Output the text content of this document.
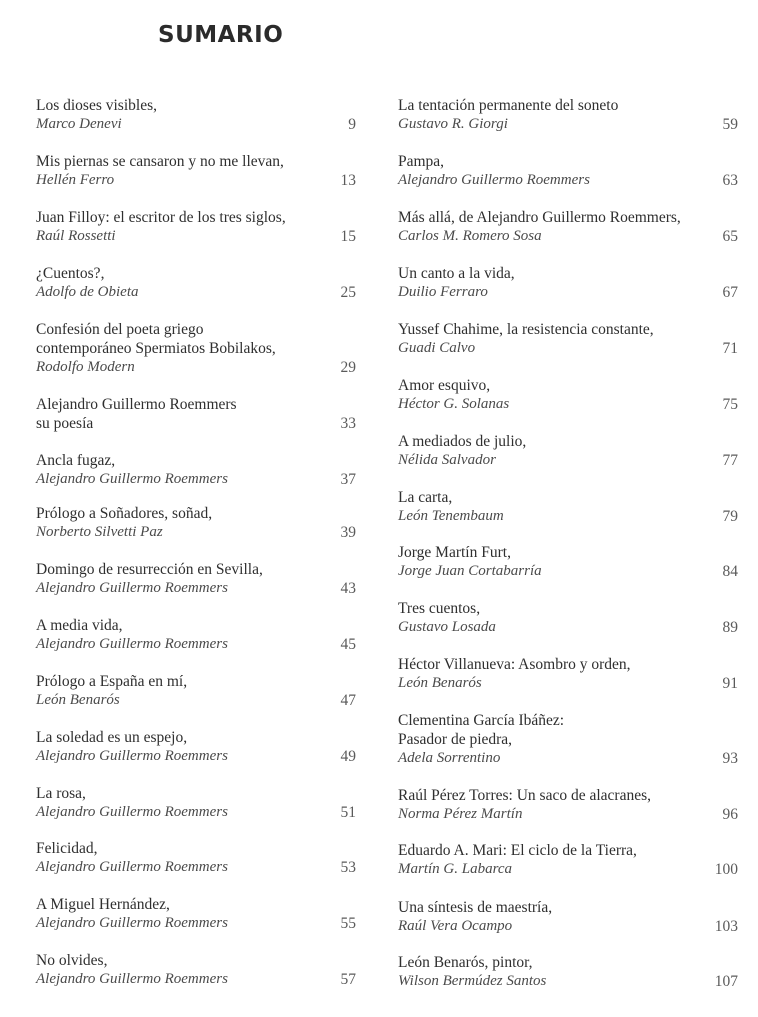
SUMARIO
Los dioses visibles,
Marco Denevi	9
Mis piernas se cansaron y no me llevan,
Hellén Ferro	13
Juan Filloy: el escritor de los tres siglos,
Raúl Rossetti	15
¿Cuentos?,
Adolfo de Obieta	25
Confesión del poeta griego
contemporáneo Spermiatos Bobilakos,
Rodolfo Modern	29
Alejandro Guillermo Roemmers
su poesía	33
Ancla fugaz,
Alejandro Guillermo Roemmers	37
Prólogo a Soñadores, soñad,
Norberto Silvetti Paz	39
Domingo de resurrección en Sevilla,
Alejandro Guillermo Roemmers	43
A media vida,
Alejandro Guillermo Roemmers	45
Prólogo a España en mí,
León Benarós	47
La soledad es un espejo,
Alejandro Guillermo Roemmers	49
La rosa,
Alejandro Guillermo Roemmers	51
Felicidad,
Alejandro Guillermo Roemmers	53
A Miguel Hernández,
Alejandro Guillermo Roemmers	55
No olvides,
Alejandro Guillermo Roemmers	57
La tentación permanente del soneto
Gustavo R. Giorgi	59
Pampa,
Alejandro Guillermo Roemmers	63
Más allá, de Alejandro Guillermo Roemmers,
Carlos M. Romero Sosa	65
Un canto a la vida,
Duilio Ferraro	67
Yussef Chahime, la resistencia constante,
Guadi Calvo	71
Amor esquivo,
Héctor G. Solanas	75
A mediados de julio,
Nélida Salvador	77
La carta,
León Tenembaum	79
Jorge Martín Furt,
Jorge Juan Cortabarría	84
Tres cuentos,
Gustavo Losada	89
Héctor Villanueva: Asombro y orden,
León Benarós	91
Clementina García Ibáñez:
Pasador de piedra,
Adela Sorrentino	93
Raúl Pérez Torres: Un saco de alacranes,
Norma Pérez Martín	96
Eduardo A. Mari: El ciclo de la Tierra,
Martín G. Labarca	100
Una síntesis de maestría,
Raúl Vera Ocampo	103
León Benarós, pintor,
Wilson Bermúdez Santos	107
